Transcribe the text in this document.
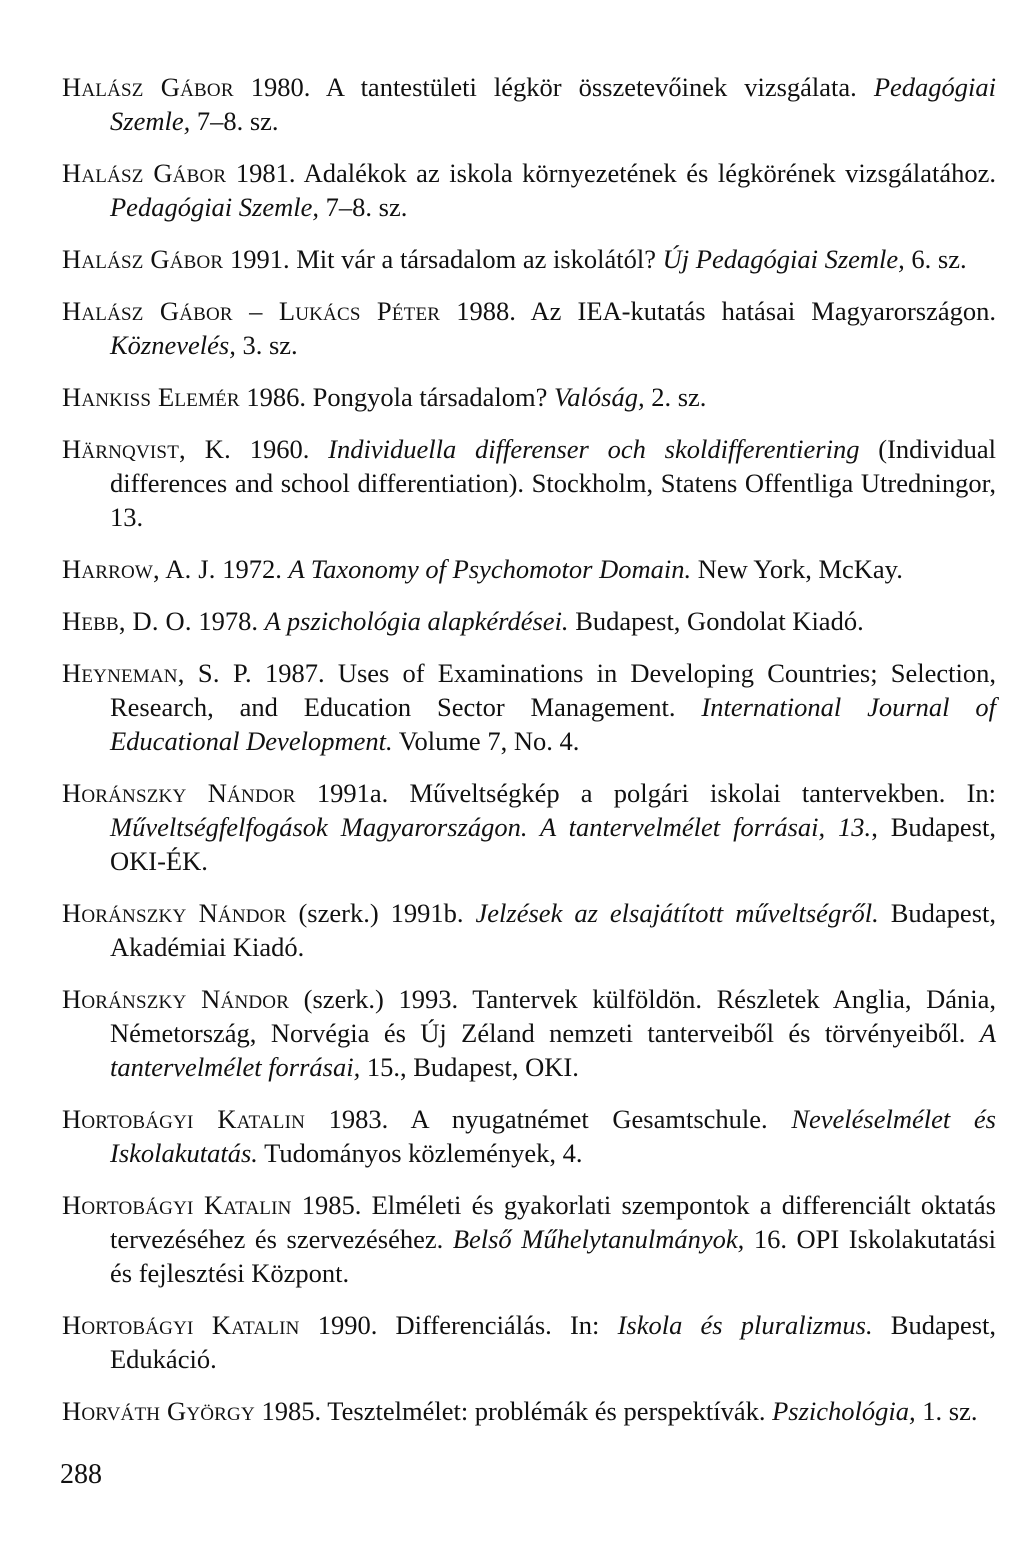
Halász Gábor 1980. A tantestületi légkör összetevőinek vizsgálata. Pedagógiai Szemle, 7–8. sz.

Halász Gábor 1981. Adalékok az iskola környezetének és légkörének vizsgálatához. Pedagógiai Szemle, 7–8. sz.

Halász Gábor 1991. Mit vár a társadalom az iskolától? Új Pedagógiai Szemle, 6. sz.

Halász Gábor – Lukács Péter 1988. Az IEA-kutatás hatásai Magyarországon. Köznevelés, 3. sz.

Hankiss Elemér 1986. Pongyola társadalom? Valóság, 2. sz.

Härnqvist, K. 1960. Individuella differenser och skoldifferentiering (Individual differences and school differentiation). Stockholm, Statens Offentliga Utredningor, 13.

Harrow, A. J. 1972. A Taxonomy of Psychomotor Domain. New York, McKay.

Hebb, D. O. 1978. A pszichológia alapkérdései. Budapest, Gondolat Kiadó.

Heyneman, S. P. 1987. Uses of Examinations in Developing Countries; Selection, Research, and Education Sector Management. International Journal of Educational Development. Volume 7, No. 4.

Horánszky Nándor 1991a. Műveltségkép a polgári iskolai tantervekben. In: Műveltségfelfogások Magyarországon. A tantervelmélet forrásai, 13., Budapest, OKI-ÉK.

Horánszky Nándor (szerk.) 1991b. Jelzések az elsajátított műveltségről. Budapest, Akadémiai Kiadó.

Horánszky Nándor (szerk.) 1993. Tantervek külföldön. Részletek Anglia, Dánia, Németország, Norvégia és Új Zéland nemzeti tanterveiből és törvényeiből. A tantervelmélet forrásai, 15., Budapest, OKI.

Hortobágyi Katalin 1983. A nyugatnémet Gesamtschule. Neveléselmélet és Iskolakutatás. Tudományos közlemények, 4.

Hortobágyi Katalin 1985. Elméleti és gyakorlati szempontok a differenciált oktatás tervezéséhez és szervezéséhez. Belső Műhelytanulmányok, 16. OPI Iskolakutatási és fejlesztési Központ.

Hortobágyi Katalin 1990. Differenciálás. In: Iskola és pluralizmus. Budapest, Edukáció.

Horváth György 1985. Tesztelmélet: problémák és perspektívák. Pszichológia, 1. sz.

288
